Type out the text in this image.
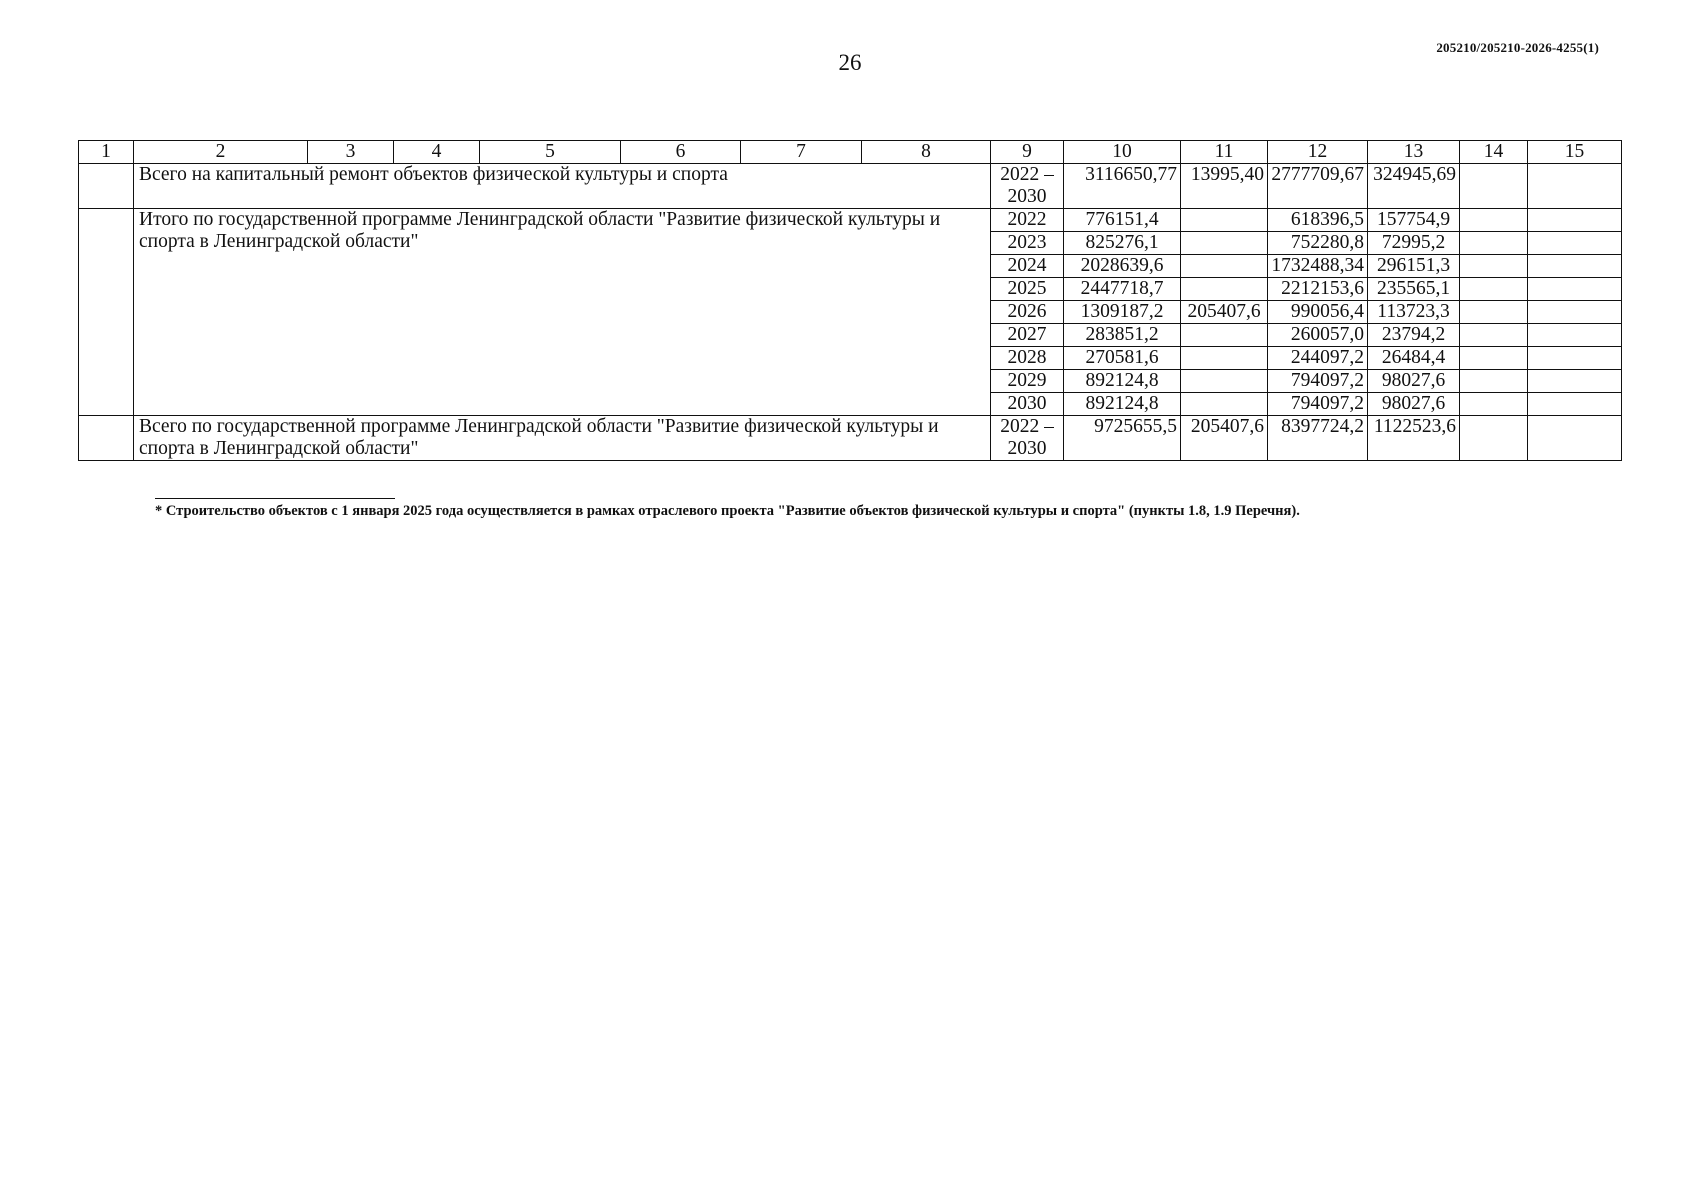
26
205210/205210-2026-4255(1)
1	2	3	4	5	6	7	8	9	10	11	12	13	14	15
	Всего на капитальный ремонт объектов физической культуры и спорта							2022 – 2030	3116650,77	13995,40	2777709,67	324945,69		
	Итого по государственной программе Ленинградской области "Развитие физической культуры и спорта в Ленинградской области"							2022	776151,4		618396,5	157754,9		
								2023	825276,1		752280,8	72995,2		
								2024	2028639,6		1732488,34	296151,3		
								2025	2447718,7		2212153,6	235565,1		
								2026	1309187,2	205407,6	990056,4	113723,3		
								2027	283851,2		260057,0	23794,2		
								2028	270581,6		244097,2	26484,4		
								2029	892124,8		794097,2	98027,6		
								2030	892124,8		794097,2	98027,6		
	Всего по государственной программе Ленинградской области "Развитие физической культуры и спорта в Ленинградской области"							2022 – 2030	9725655,5	205407,6	8397724,2	1122523,6		
* Строительство объектов с 1 января 2025 года осуществляется в рамках отраслевого проекта "Развитие объектов физической культуры и спорта" (пункты 1.8, 1.9 Перечня).
